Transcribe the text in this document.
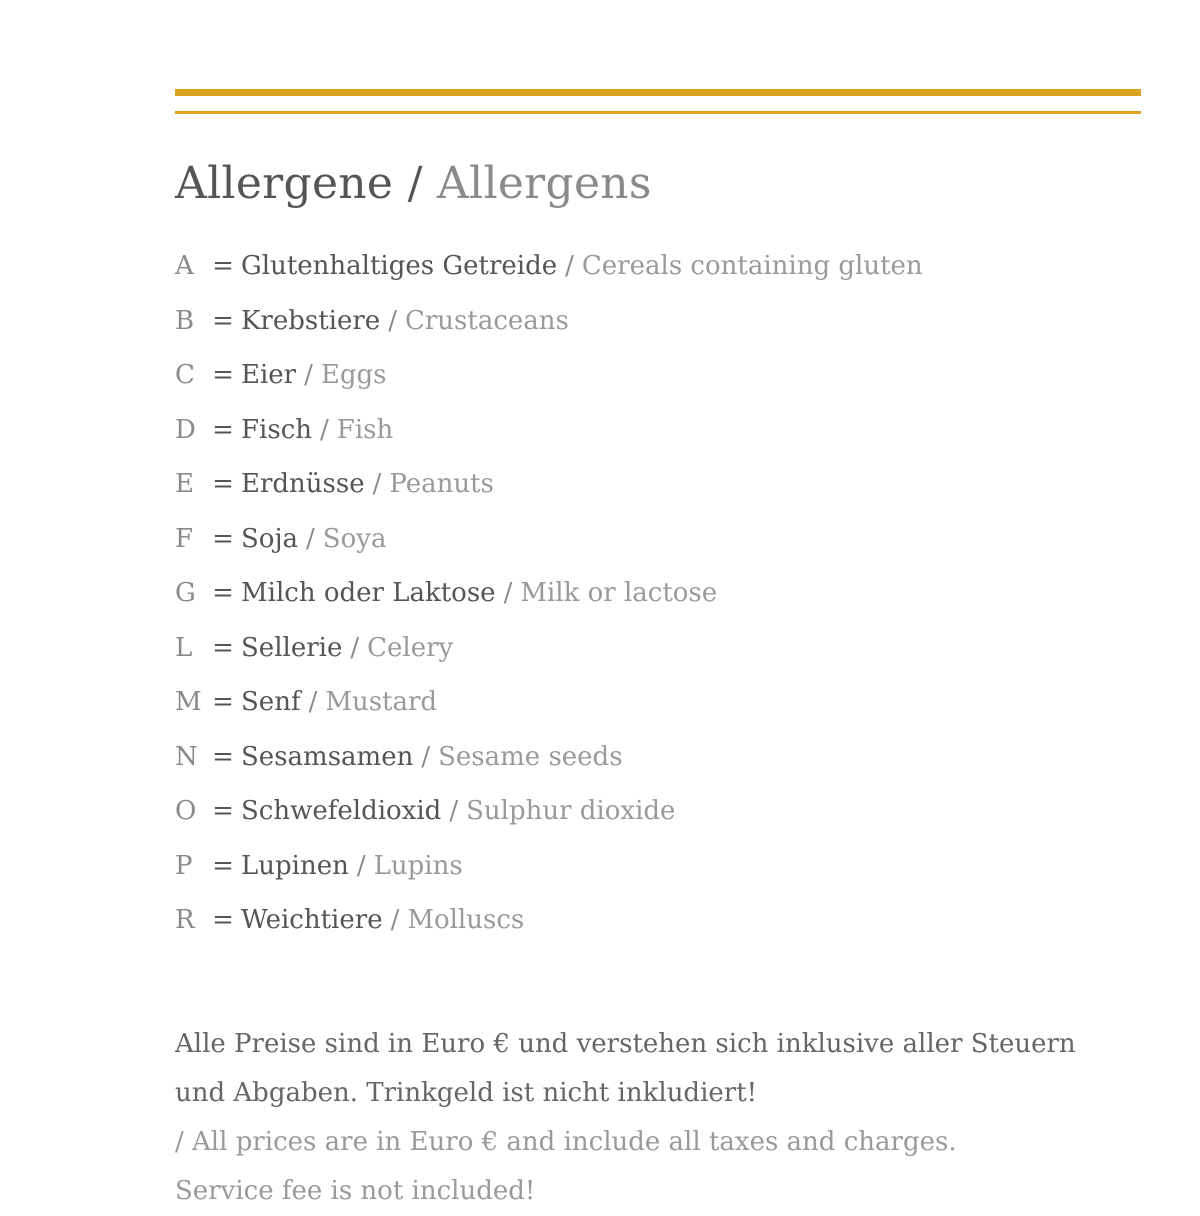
Allergene / Allergens
A = Glutenhaltiges Getreide / Cereals containing gluten
B = Krebstiere / Crustaceans
C = Eier / Eggs
D = Fisch / Fish
E = Erdnüsse / Peanuts
F = Soja / Soya
G = Milch oder Laktose / Milk or lactose
L = Sellerie / Celery
M = Senf / Mustard
N = Sesamsamen / Sesame seeds
O = Schwefeldioxid / Sulphur dioxide
P = Lupinen / Lupins
R = Weichtiere / Molluscs

Alle Preise sind in Euro € und verstehen sich inklusive aller Steuern

und Abgaben. Trinkgeld ist nicht inkludiert!

/ All prices are in Euro € and include all taxes and charges.

Service fee is not included!
